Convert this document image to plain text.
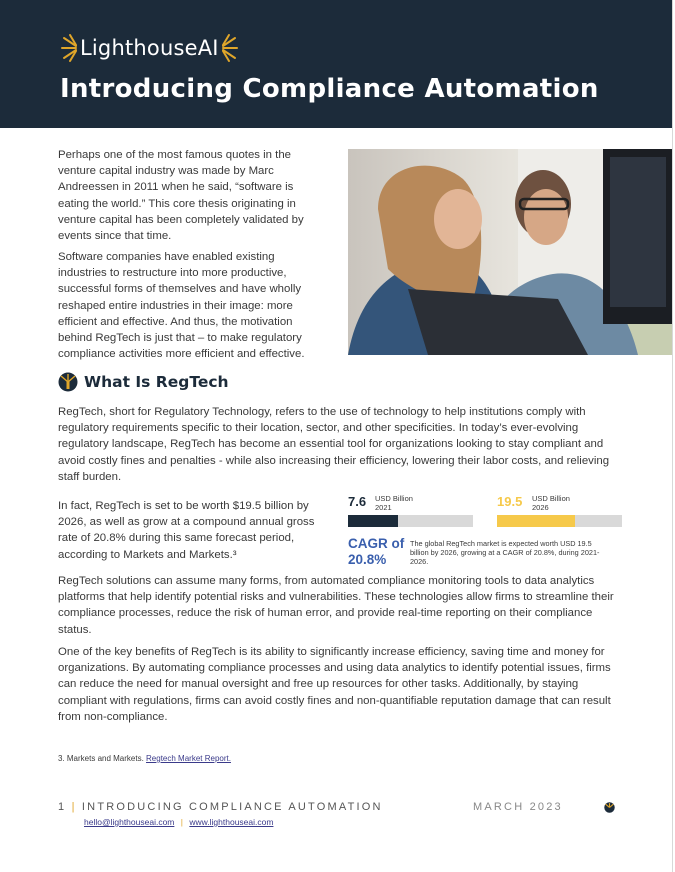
LighthouseAI
Introducing Compliance Automation

Perhaps one of the most famous quotes in the venture capital industry was made by Marc Andreessen in 2011 when he said, “software is eating the world.” This core thesis originating in venture capital has been completely validated by events since that time.

Software companies have enabled existing industries to restructure into more productive, successful forms of themselves and have wholly reshaped entire industries in their image: more efficient and effective. And thus, the motivation behind RegTech is just that – to make regulatory compliance activities more efficient and effective.

What Is RegTech

RegTech, short for Regulatory Technology, refers to the use of technology to help institutions comply with regulatory requirements specific to their location, sector, and other specificities. In today’s ever-evolving regulatory landscape, RegTech has become an essential tool for organizations looking to stay compliant and avoid costly fines and penalties - while also increasing their efficiency, lowering their labor costs, and relieving staff burden.

In fact, RegTech is set to be worth $19.5 billion by 2026, as well as grow at a compound annual gross rate of 20.8% during this same forecast period, according to Markets and Markets.³

7.6 USD Billion
2021	19.5 USD Billion
2026
CAGR of
20.8%
The global RegTech market is expected worth USD 19.5 billion by 2026, growing at a CAGR of 20.8%, during 2021-2026.

RegTech solutions can assume many forms, from automated compliance monitoring tools to data analytics platforms that help identify potential risks and vulnerabilities. These technologies allow firms to streamline their compliance processes, reduce the risk of human error, and provide real-time reporting on their compliance status.

One of the key benefits of RegTech is its ability to significantly increase efficiency, saving time and money for organizations. By automating compliance processes and using data analytics to identify potential issues, firms can reduce the need for manual oversight and free up resources for other tasks. Additionally, by staying compliant with regulations, firms can avoid costly fines and non-quantifiable reputation damage that can result from non-compliance.

3. Markets and Markets. Regtech Market Report.
1 | INTRODUCING COMPLIANCE AUTOMATION	MARCH 2023
hello@lighthouseai.com | www.lighthouseai.com
